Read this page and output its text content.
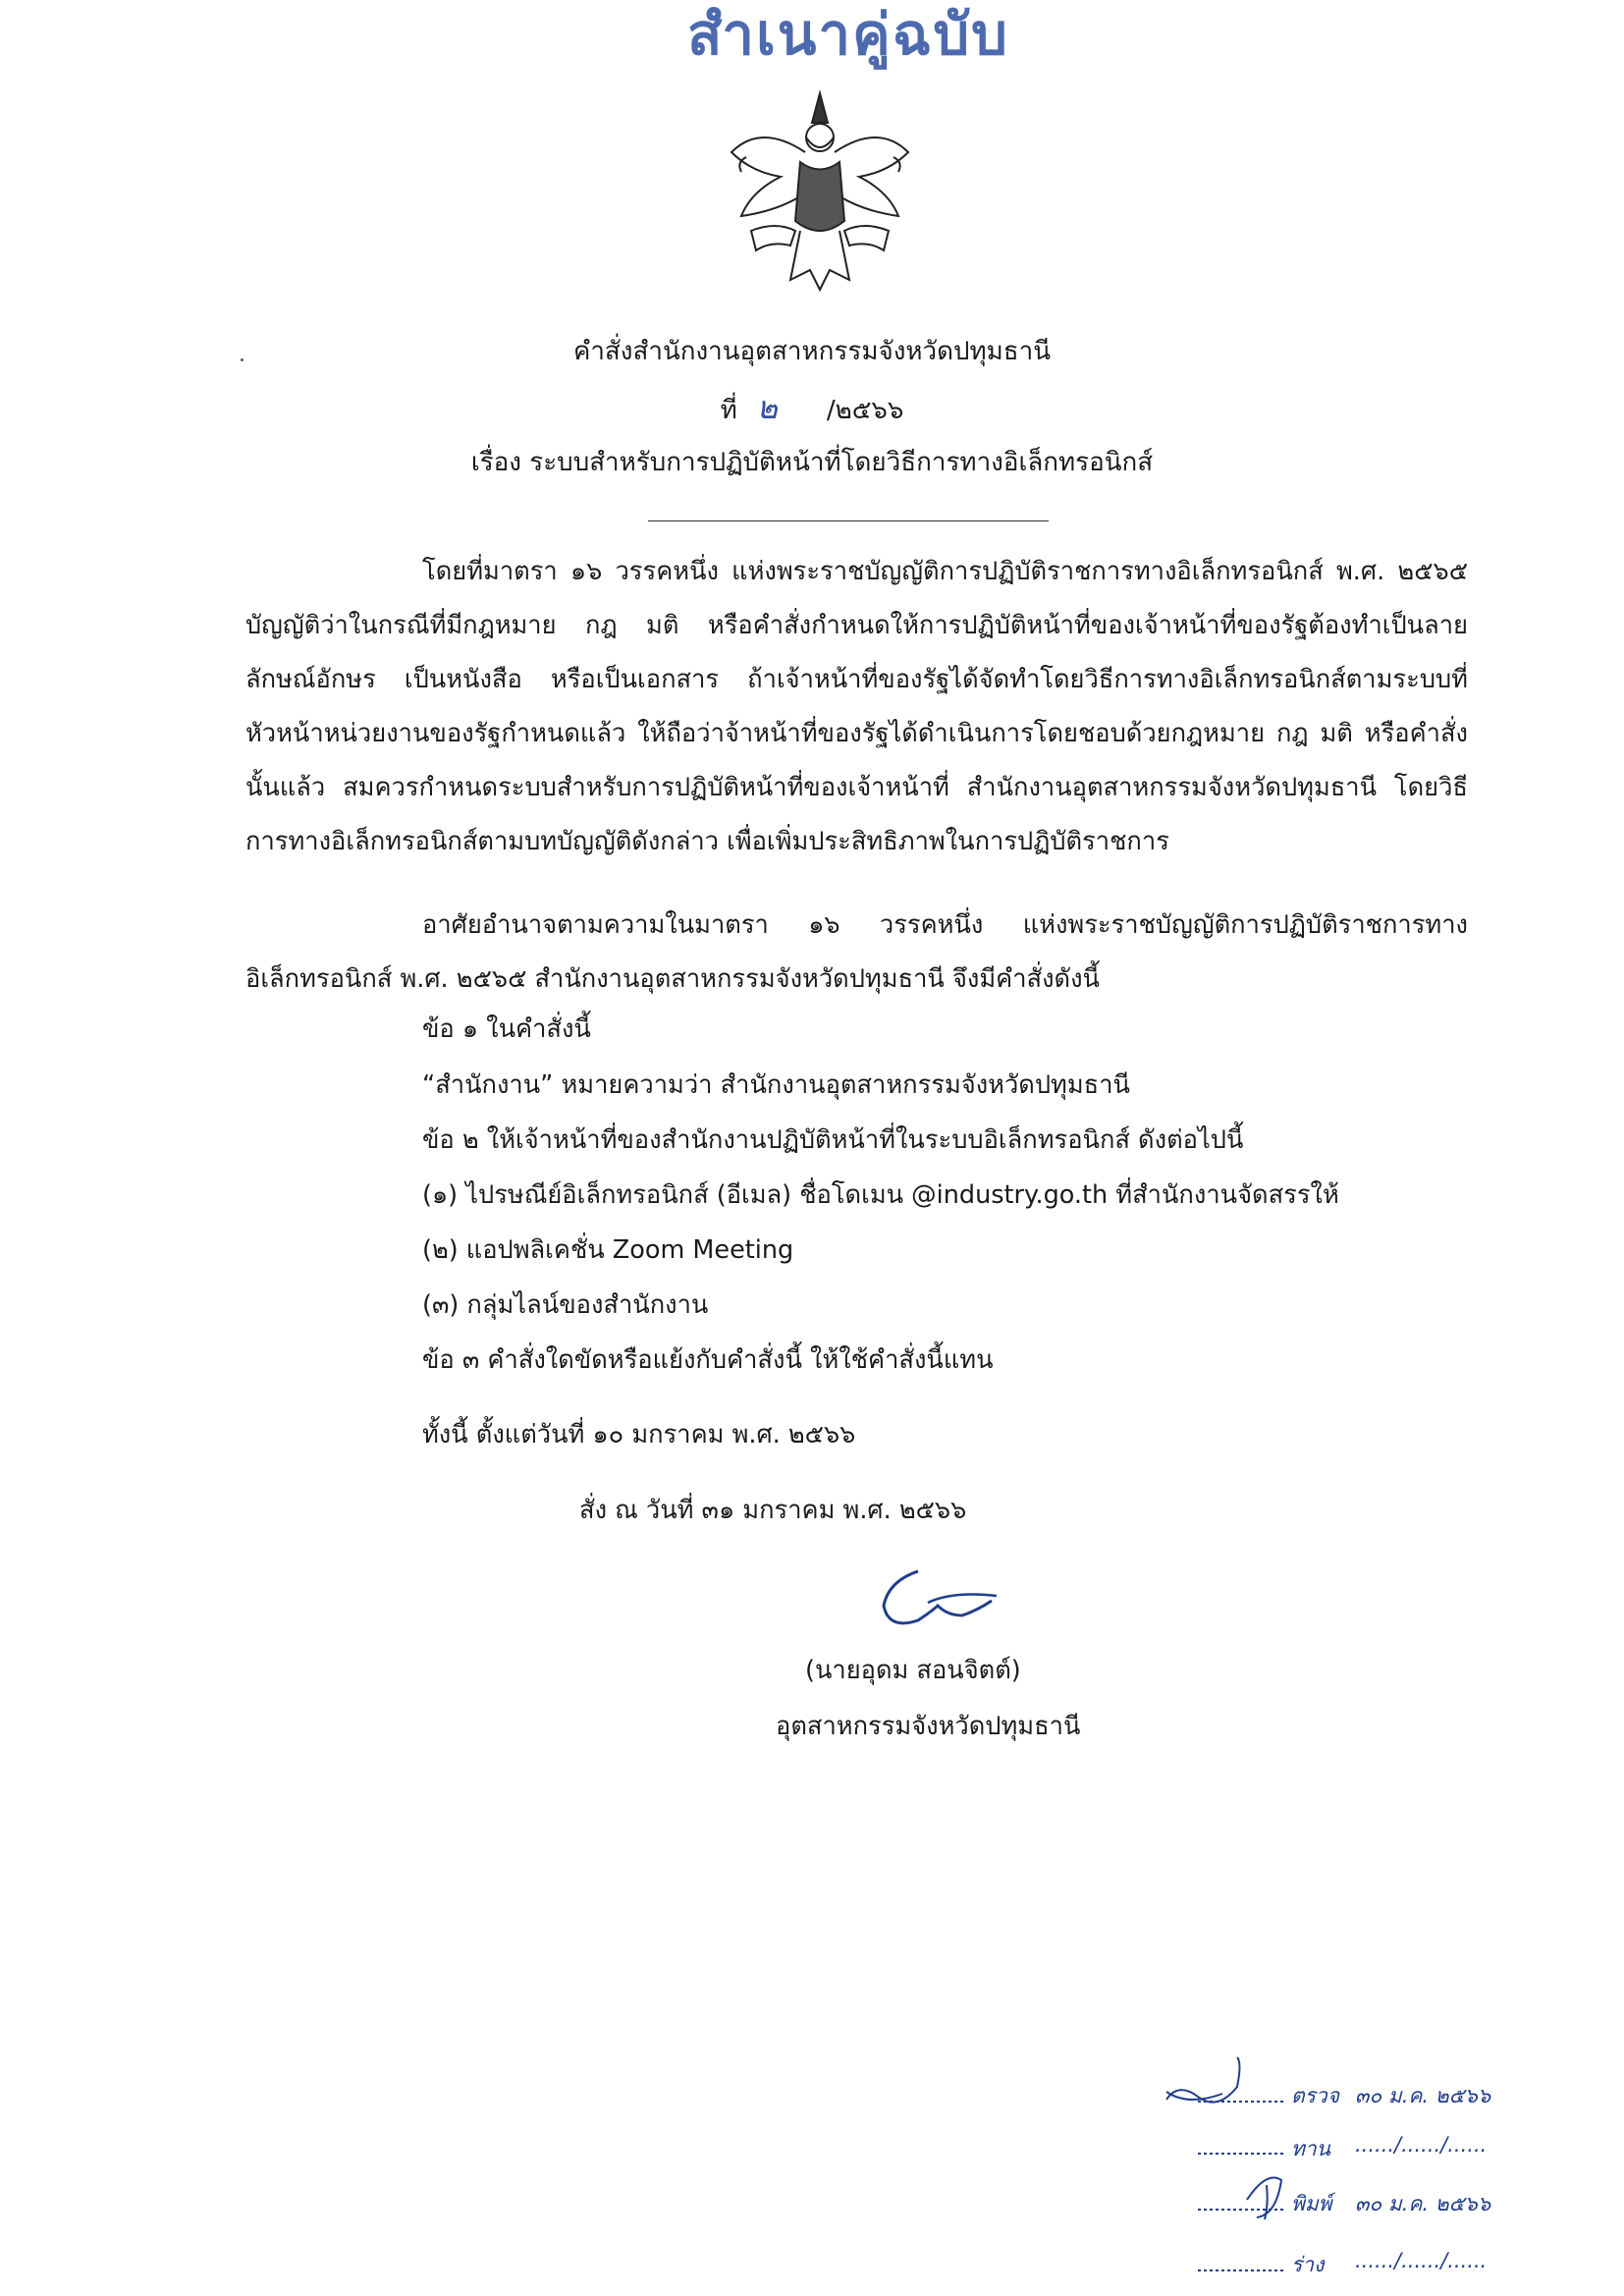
สำเนาคู่ฉบับ
คำสั่งสำนักงานอุตสาหกรรมจังหวัดปทุมธานี
ที่ ๒ /๒๕๖๖
เรื่อง ระบบสำหรับการปฏิบัติหน้าที่โดยวิธีการทางอิเล็กทรอนิกส์

โดยที่มาตรา ๑๖ วรรคหนึ่ง แห่งพระราชบัญญัติการปฏิบัติราชการทางอิเล็กทรอนิกส์ พ.ศ. ๒๕๖๕ บัญญัติว่าในกรณีที่มีกฎหมาย กฎ มติ หรือคำสั่งกำหนดให้การปฏิบัติหน้าที่ของเจ้าหน้าที่ของรัฐต้องทำเป็นลายลักษณ์อักษร เป็นหนังสือ หรือเป็นเอกสาร ถ้าเจ้าหน้าที่ของรัฐได้จัดทำโดยวิธีการทางอิเล็กทรอนิกส์ตามระบบที่หัวหน้าหน่วยงานของรัฐกำหนดแล้ว ให้ถือว่าจ้าหน้าที่ของรัฐได้ดำเนินการโดยชอบด้วยกฎหมาย กฎ มติ หรือคำสั่งนั้นแล้ว สมควรกำหนดระบบสำหรับการปฏิบัติหน้าที่ของเจ้าหน้าที่ สำนักงานอุตสาหกรรมจังหวัดปทุมธานี โดยวิธีการทางอิเล็กทรอนิกส์ตามบทบัญญัติดังกล่าว เพื่อเพิ่มประสิทธิภาพในการปฏิบัติราชการ

อาศัยอำนาจตามความในมาตรา ๑๖ วรรคหนึ่ง แห่งพระราชบัญญัติการปฏิบัติราชการทางอิเล็กทรอนิกส์ พ.ศ. ๒๕๖๕ สำนักงานอุตสาหกรรมจังหวัดปทุมธานี จึงมีคำสั่งดังนี้

ข้อ ๑ ในคำสั่งนี้
“สำนักงาน” หมายความว่า สำนักงานอุตสาหกรรมจังหวัดปทุมธานี
ข้อ ๒ ให้เจ้าหน้าที่ของสำนักงานปฏิบัติหน้าที่ในระบบอิเล็กทรอนิกส์ ดังต่อไปนี้
(๑) ไปรษณีย์อิเล็กทรอนิกส์ (อีเมล) ชื่อโดเมน @industry.go.th ที่สำนักงานจัดสรรให้
(๒) แอปพลิเคชั่น Zoom Meeting
(๓) กลุ่มไลน์ของสำนักงาน
ข้อ ๓ คำสั่งใดขัดหรือแย้งกับคำสั่งนี้ ให้ใช้คำสั่งนี้แทน
ทั้งนี้ ตั้งแต่วันที่ ๑๐ มกราคม พ.ศ. ๒๕๖๖
สั่ง ณ วันที่ ๓๑ มกราคม พ.ศ. ๒๕๖๖
(นายอุดม สอนจิตต์)
อุตสาหกรรมจังหวัดปทุมธานี
ตรวจ ๓๐ ม.ค. ๒๕๖๖
ทาน ....../....../......
พิมพ์ ๓๐ ม.ค. ๒๕๖๖
ร่าง ....../....../......
